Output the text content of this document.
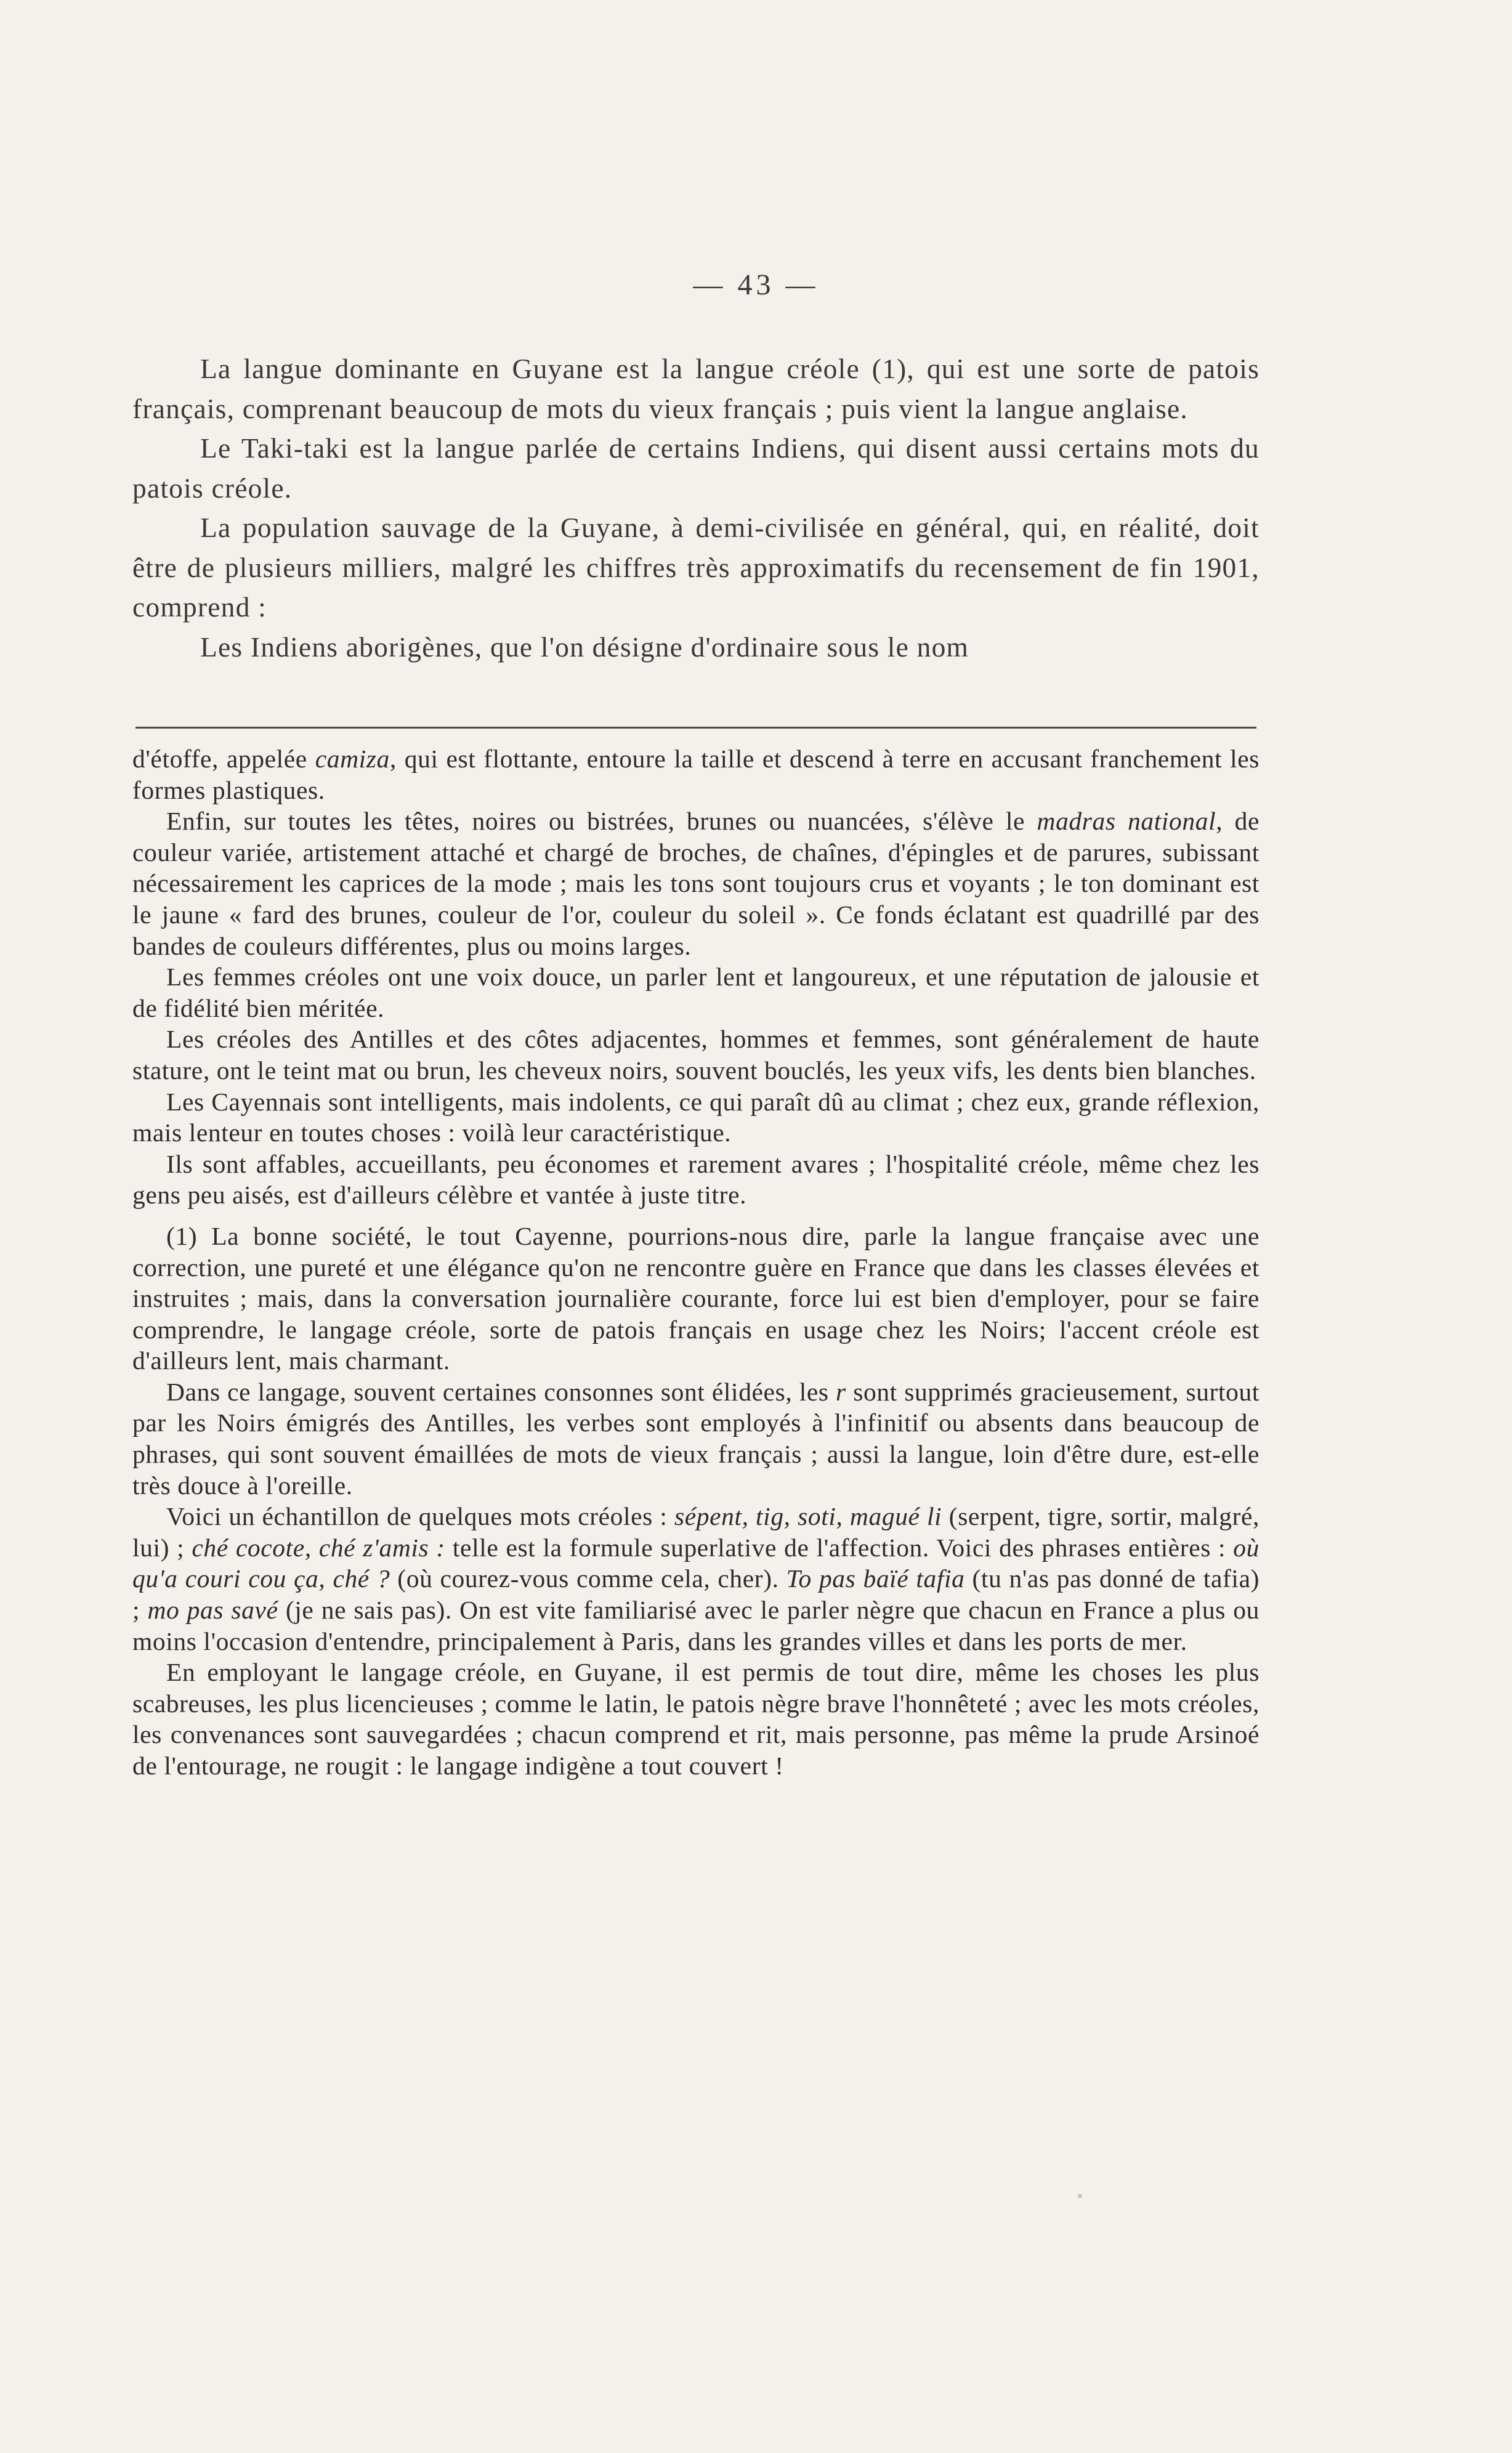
— 43 —

La langue dominante en Guyane est la langue créole (1), qui est une sorte de patois français, comprenant beaucoup de mots du vieux français ; puis vient la langue anglaise.

Le Taki-taki est la langue parlée de certains Indiens, qui disent aussi certains mots du patois créole.

La population sauvage de la Guyane, à demi-civilisée en général, qui, en réalité, doit être de plusieurs milliers, malgré les chiffres très approximatifs du recensement de fin 1901, comprend :

Les Indiens aborigènes, que l'on désigne d'ordinaire sous le nom

d'étoffe, appelée camiza, qui est flottante, entoure la taille et descend à terre en accusant franchement les formes plastiques.

Enfin, sur toutes les têtes, noires ou bistrées, brunes ou nuancées, s'élève le madras national, de couleur variée, artistement attaché et chargé de broches, de chaînes, d'épingles et de parures, subissant nécessairement les caprices de la mode ; mais les tons sont toujours crus et voyants ; le ton dominant est le jaune « fard des brunes, couleur de l'or, couleur du soleil ». Ce fonds éclatant est quadrillé par des bandes de couleurs différentes, plus ou moins larges.

Les femmes créoles ont une voix douce, un parler lent et langoureux, et une réputation de jalousie et de fidélité bien méritée.

Les créoles des Antilles et des côtes adjacentes, hommes et femmes, sont généralement de haute stature, ont le teint mat ou brun, les cheveux noirs, souvent bouclés, les yeux vifs, les dents bien blanches.

Les Cayennais sont intelligents, mais indolents, ce qui paraît dû au climat ; chez eux, grande réflexion, mais lenteur en toutes choses : voilà leur caractéristique.

Ils sont affables, accueillants, peu économes et rarement avares ; l'hospitalité créole, même chez les gens peu aisés, est d'ailleurs célèbre et vantée à juste titre.

(1) La bonne société, le tout Cayenne, pourrions-nous dire, parle la langue française avec une correction, une pureté et une élégance qu'on ne rencontre guère en France que dans les classes élevées et instruites ; mais, dans la conversation journalière courante, force lui est bien d'employer, pour se faire comprendre, le langage créole, sorte de patois français en usage chez les Noirs; l'accent créole est d'ailleurs lent, mais charmant.

Dans ce langage, souvent certaines consonnes sont élidées, les r sont supprimés gracieusement, surtout par les Noirs émigrés des Antilles, les verbes sont employés à l'infinitif ou absents dans beaucoup de phrases, qui sont souvent émaillées de mots de vieux français ; aussi la langue, loin d'être dure, est-elle très douce à l'oreille.

Voici un échantillon de quelques mots créoles : sépent, tig, soti, magué li (serpent, tigre, sortir, malgré, lui) ; ché cocote, ché z'amis : telle est la formule superlative de l'affection. Voici des phrases entières : où qu'a couri cou ça, ché ? (où courez-vous comme cela, cher). To pas baïé tafia (tu n'as pas donné de tafia) ; mo pas savé (je ne sais pas). On est vite familiarisé avec le parler nègre que chacun en France a plus ou moins l'occasion d'entendre, principalement à Paris, dans les grandes villes et dans les ports de mer.

En employant le langage créole, en Guyane, il est permis de tout dire, même les choses les plus scabreuses, les plus licencieuses ; comme le latin, le patois nègre brave l'honnêteté ; avec les mots créoles, les convenances sont sauvegardées ; chacun comprend et rit, mais personne, pas même la prude Arsinoé de l'entourage, ne rougit : le langage indigène a tout couvert !
